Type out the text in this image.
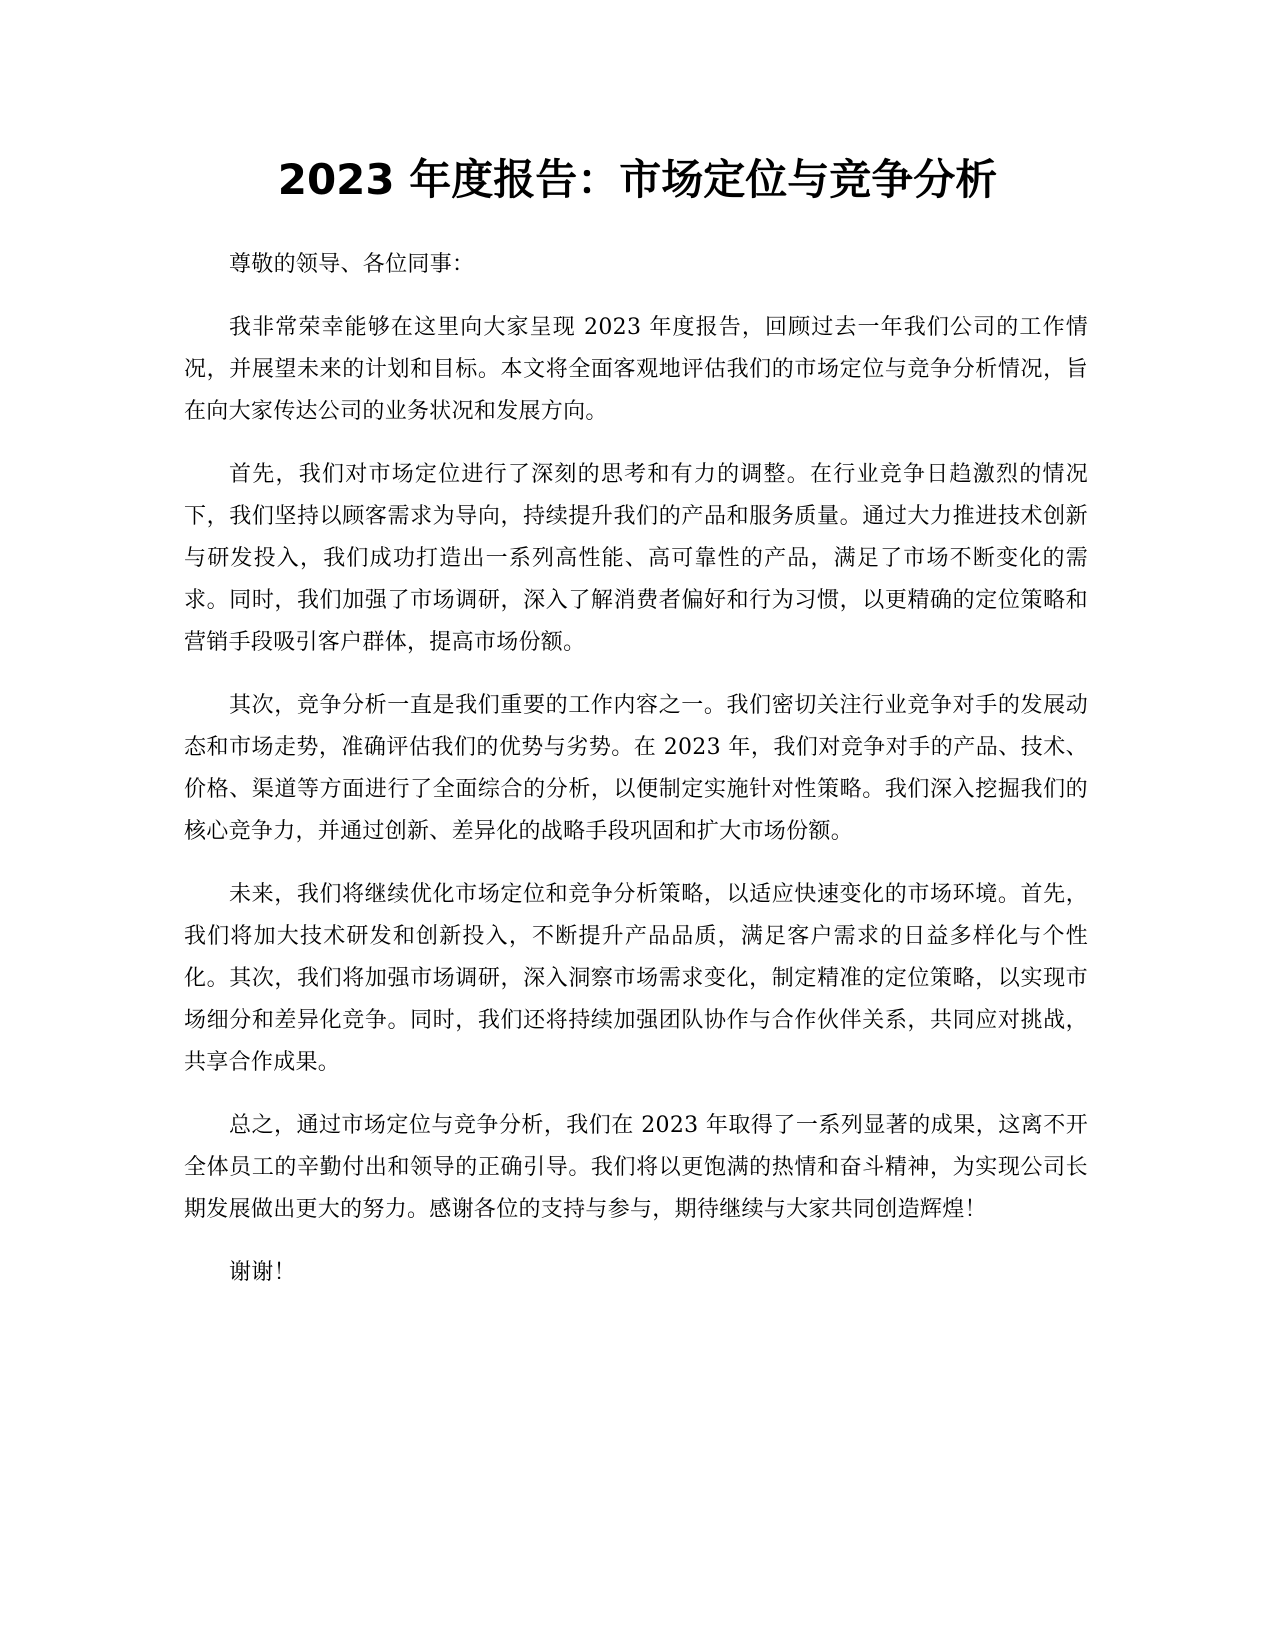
2023 年度报告：市场定位与竞争分析

尊敬的领导、各位同事：

我非常荣幸能够在这里向大家呈现 2023 年度报告，回顾过去一年我们公司的工作情况，并展望未来的计划和目标。本文将全面客观地评估我们的市场定位与竞争分析情况，旨在向大家传达公司的业务状况和发展方向。

首先，我们对市场定位进行了深刻的思考和有力的调整。在行业竞争日趋激烈的情况下，我们坚持以顾客需求为导向，持续提升我们的产品和服务质量。通过大力推进技术创新与研发投入，我们成功打造出一系列高性能、高可靠性的产品，满足了市场不断变化的需求。同时，我们加强了市场调研，深入了解消费者偏好和行为习惯，以更精确的定位策略和营销手段吸引客户群体，提高市场份额。

其次，竞争分析一直是我们重要的工作内容之一。我们密切关注行业竞争对手的发展动态和市场走势，准确评估我们的优势与劣势。在 2023 年，我们对竞争对手的产品、技术、价格、渠道等方面进行了全面综合的分析，以便制定实施针对性策略。我们深入挖掘我们的核心竞争力，并通过创新、差异化的战略手段巩固和扩大市场份额。

未来，我们将继续优化市场定位和竞争分析策略，以适应快速变化的市场环境。首先，我们将加大技术研发和创新投入，不断提升产品品质，满足客户需求的日益多样化与个性化。其次，我们将加强市场调研，深入洞察市场需求变化，制定精准的定位策略，以实现市场细分和差异化竞争。同时，我们还将持续加强团队协作与合作伙伴关系，共同应对挑战，共享合作成果。

总之，通过市场定位与竞争分析，我们在 2023 年取得了一系列显著的成果，这离不开全体员工的辛勤付出和领导的正确引导。我们将以更饱满的热情和奋斗精神，为实现公司长期发展做出更大的努力。感谢各位的支持与参与，期待继续与大家共同创造辉煌！

谢谢！
